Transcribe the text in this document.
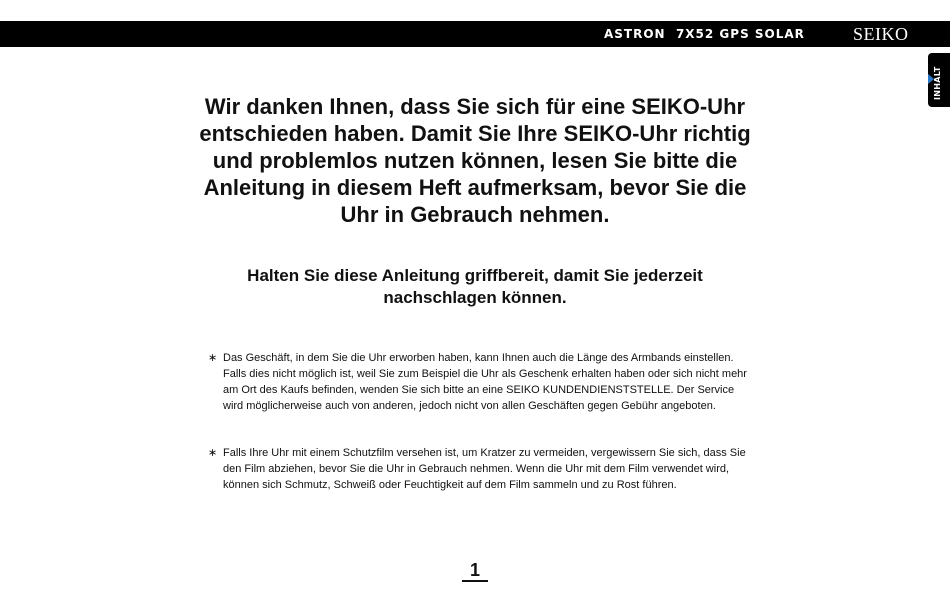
ASTRON  7X52 GPS SOLAR	SEIKO
INHALT
Wir danken Ihnen, dass Sie sich für eine SEIKO-Uhr entschieden haben. Damit Sie Ihre SEIKO-Uhr richtig und problemlos nutzen können, lesen Sie bitte die Anleitung in diesem Heft aufmerksam, bevor Sie die Uhr in Gebrauch nehmen.
Halten Sie diese Anleitung griffbereit, damit Sie jederzeit nachschlagen können.
∗ Das Geschäft, in dem Sie die Uhr erworben haben, kann Ihnen auch die Länge des Armbands einstellen. Falls dies nicht möglich ist, weil Sie zum Beispiel die Uhr als Geschenk erhalten haben oder sich nicht mehr am Ort des Kaufs befinden, wenden Sie sich bitte an eine SEIKO KUNDENDIENSTSTELLE. Der Service wird möglicherweise auch von anderen, jedoch nicht von allen Geschäften gegen Gebühr angeboten.
∗ Falls Ihre Uhr mit einem Schutzfilm versehen ist, um Kratzer zu vermeiden, vergewissern Sie sich, dass Sie den Film abziehen, bevor Sie die Uhr in Gebrauch nehmen. Wenn die Uhr mit dem Film verwendet wird, können sich Schmutz, Schweiß oder Feuchtigkeit auf dem Film sammeln und zu Rost führen.
1
